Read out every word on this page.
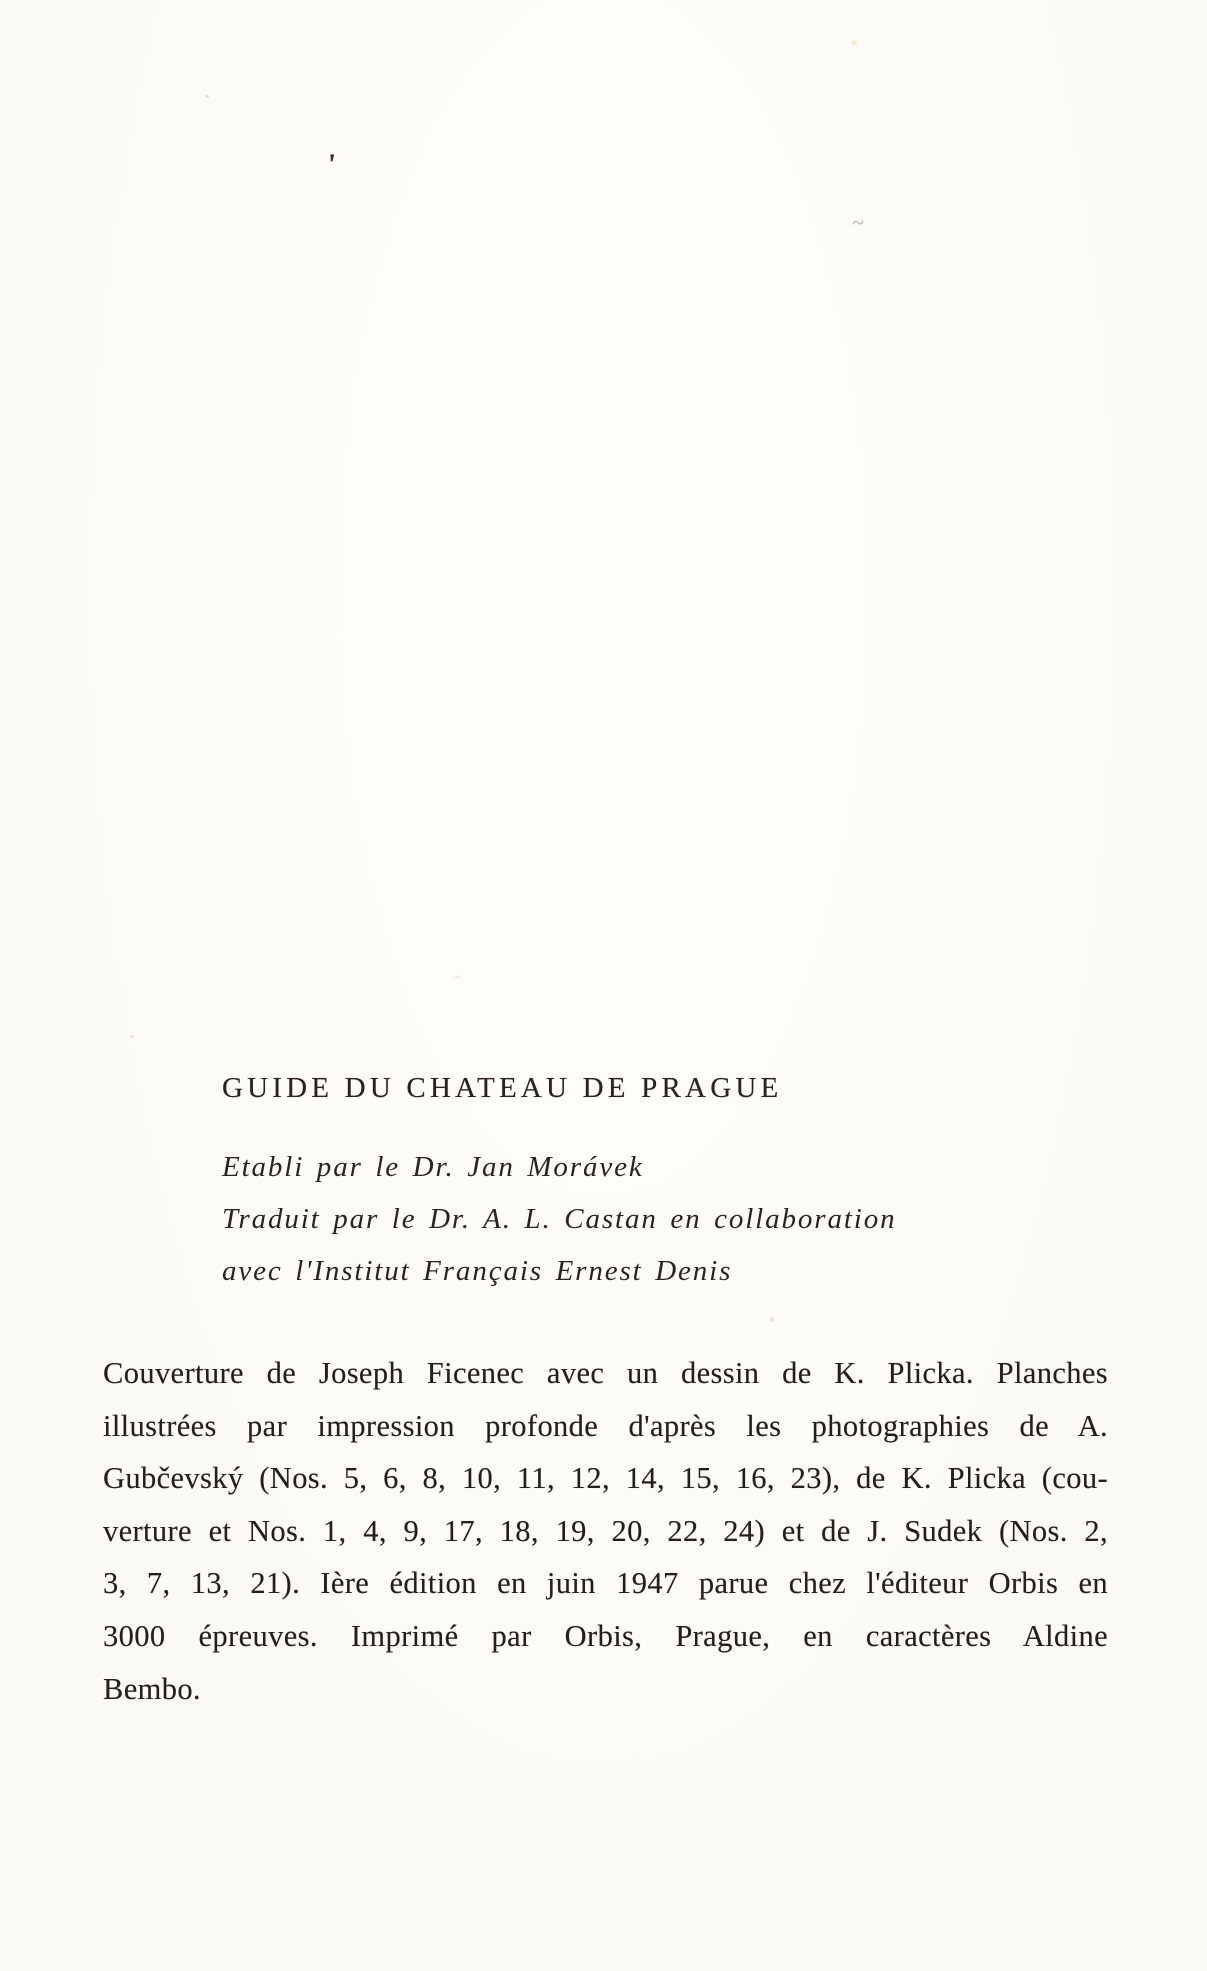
'
~
GUIDE DU CHATEAU DE PRAGUE
Etabli par le Dr. Jan Morávek
Traduit par le Dr. A. L. Castan en collaboration
avec l'Institut Français Ernest Denis
Couverture de Joseph Ficenec avec un dessin de K. Plicka. Planches
illustrées par impression profonde d'après les photographies de A.
Gubčevský (Nos. 5, 6, 8, 10, 11, 12, 14, 15, 16, 23), de K. Plicka (cou-
verture et Nos. 1, 4, 9, 17, 18, 19, 20, 22, 24) et de J. Sudek (Nos. 2,
3, 7, 13, 21). Ière édition en juin 1947 parue chez l'éditeur Orbis en
3000 épreuves. Imprimé par Orbis, Prague, en caractères Aldine
Bembo.
